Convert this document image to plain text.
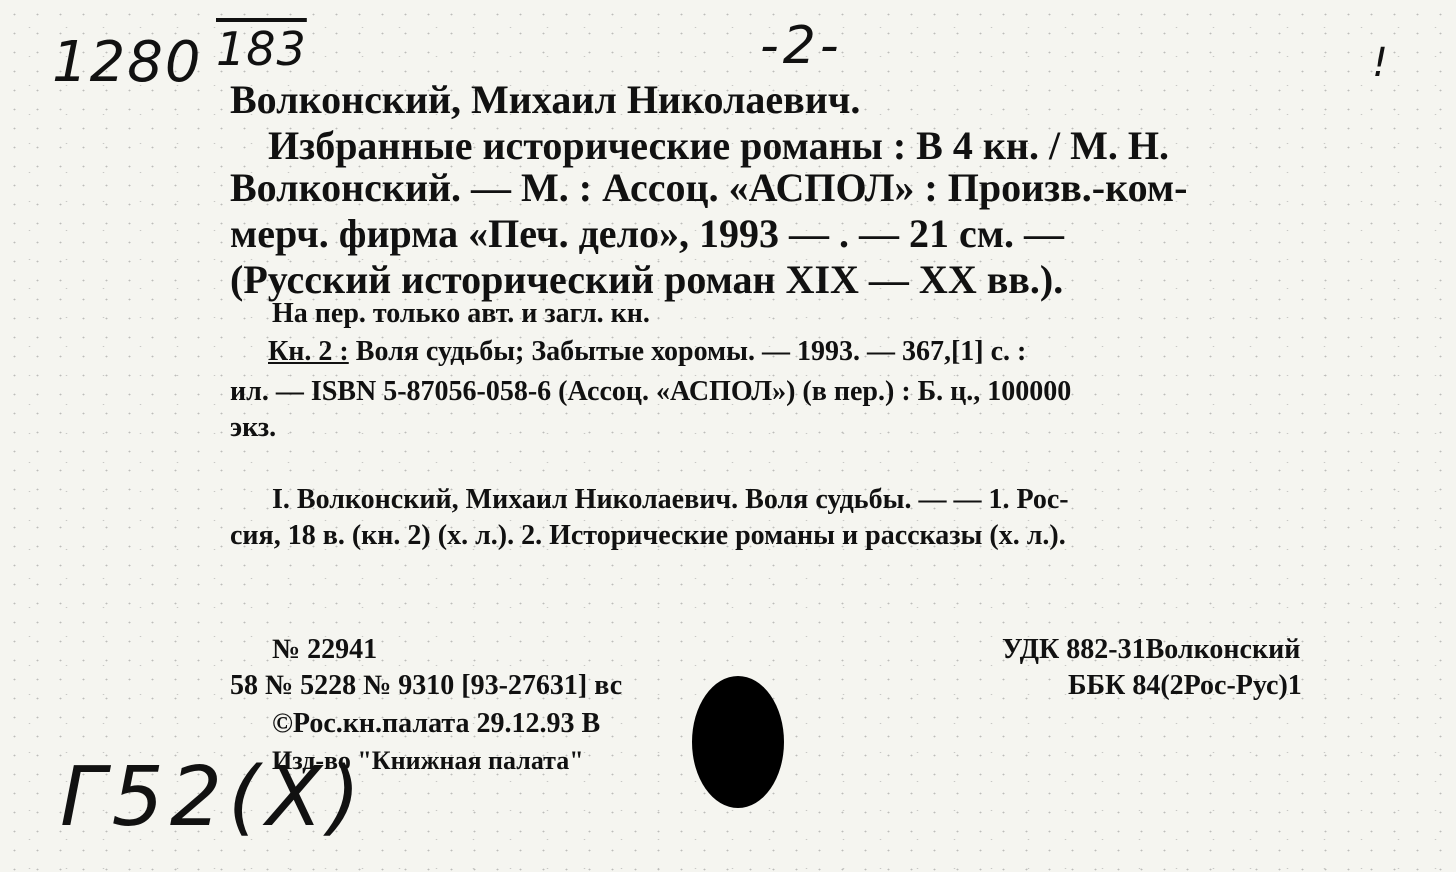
1280 183	-2-	!
Волконский, Михаил Николаевич.
Избранные исторические романы : В 4 кн. / М. Н.
Волконский. — М. : Ассоц. «АСПОЛ» : Произв.-ком-
мерч. фирма «Печ. дело», 1993 — . — 21 см. —
(Русский исторический роман XIX — XX вв.).
На пер. только авт. и загл. кн.
Кн. 2 : Воля судьбы; Забытые хоромы. — 1993. — 367,[1] с. :
ил. — ISBN 5-87056-058-6 (Ассоц. «АСПОЛ») (в пер.) : Б. ц., 100000
экз.
I. Волконский, Михаил Николаевич. Воля судьбы. — — 1. Рос-
сия, 18 в. (кн. 2) (х. л.). 2. Исторические романы и рассказы (х. л.).
№ 22941
58 № 5228 № 9310 [93-27631] вс
©Рос.кн.палата 29.12.93 В
Изд-во "Книжная палата"
УДК 882-31Волконский
ББК 84(2Рос-Рус)1
Г52(Х)
